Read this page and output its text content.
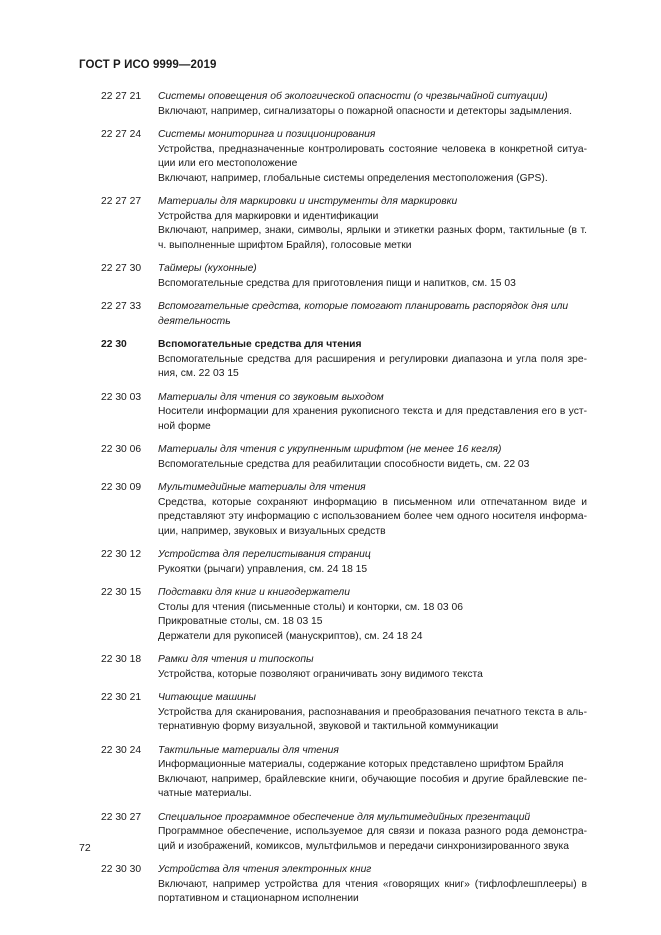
ГОСТ Р ИСО 9999—2019
22 27 21 Системы оповещения об экологической опасности (о чрезвычайной ситуации)
Включают, например, сигнализаторы о пожарной опасности и детекторы задымления.
22 27 24 Системы мониторинга и позиционирования
Устройства, предназначенные контролировать состояние человека в конкретной ситуации или его местоположение
Включают, например, глобальные системы определения местоположения (GPS).
22 27 27 Материалы для маркировки и инструменты для маркировки
Устройства для маркировки и идентификации
Включают, например, знаки, символы, ярлыки и этикетки разных форм, тактильные (в т. ч. выполненные шрифтом Брайля), голосовые метки
22 27 30 Таймеры (кухонные)
Вспомогательные средства для приготовления пищи и напитков, см. 15 03
22 27 33 Вспомогательные средства, которые помогают планировать распорядок дня или деятельность
22 30	Вспомогательные средства для чтения
Вспомогательные средства для расширения и регулировки диапазона и угла поля зрения, см. 22 03 15
22 30 03 Материалы для чтения со звуковым выходом
Носители информации для хранения рукописного текста и для представления его в устной форме
22 30 06 Материалы для чтения с укрупненным шрифтом (не менее 16 кегля)
Вспомогательные средства для реабилитации способности видеть, см. 22 03
22 30 09 Мультимедийные материалы для чтения
Средства, которые сохраняют информацию в письменном или отпечатанном виде и представляют эту информацию с использованием более чем одного носителя информации, например, звуковых и визуальных средств
22 30 12 Устройства для перелистывания страниц
Рукоятки (рычаги) управления, см. 24 18 15
22 30 15 Подставки для книг и книгодержатели
Столы для чтения (письменные столы) и конторки, см. 18 03 06
Прикроватные столы, см. 18 03 15
Держатели для рукописей (манускриптов), см. 24 18 24
22 30 18 Рамки для чтения и типоскопы
Устройства, которые позволяют ограничивать зону видимого текста
22 30 21 Читающие машины
Устройства для сканирования, распознавания и преобразования печатного текста в альтернативную форму визуальной, звуковой и тактильной коммуникации
22 30 24 Тактильные материалы для чтения
Информационные материалы, содержание которых представлено шрифтом Брайля
Включают, например, брайлевские книги, обучающие пособия и другие брайлевские печатные материалы.
22 30 27 Специальное программное обеспечение для мультимедийных презентаций
Программное обеспечение, используемое для связи и показа разного рода демонстраций и изображений, комиксов, мультфильмов и передачи синхронизированного звука
22 30 30 Устройства для чтения электронных книг
Включают, например устройства для чтения «говорящих книг» (тифлофлешплееры) в портативном и стационарном исполнении
72
